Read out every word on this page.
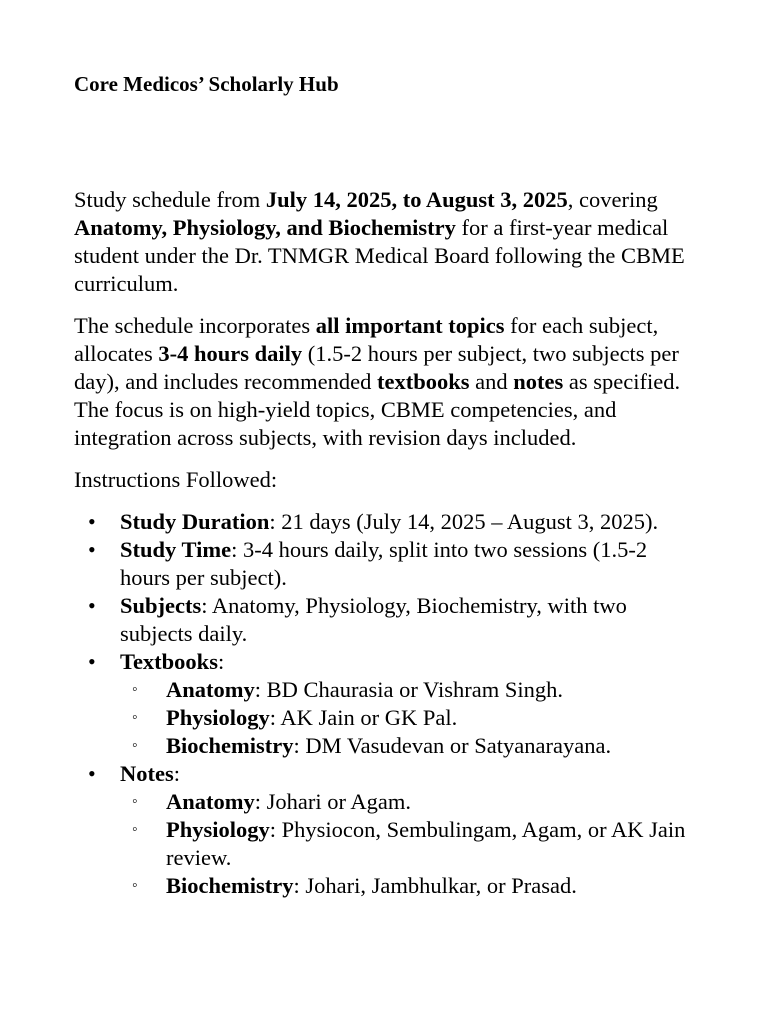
Core Medicos’ Scholarly Hub

Study schedule from July 14, 2025, to August 3, 2025, covering Anatomy, Physiology, and Biochemistry for a first-year medical student under the Dr. TNMGR Medical Board following the CBME curriculum.

The schedule incorporates all important topics for each subject, allocates 3-4 hours daily (1.5-2 hours per subject, two subjects per day), and includes recommended textbooks and notes as specified. The focus is on high-yield topics, CBME competencies, and integration across subjects, with revision days included.

Instructions Followed:

• Study Duration: 21 days (July 14, 2025 – August 3, 2025).
• Study Time: 3-4 hours daily, split into two sessions (1.5-2 hours per subject).
• Subjects: Anatomy, Physiology, Biochemistry, with two subjects daily.
• Textbooks:
◦ Anatomy: BD Chaurasia or Vishram Singh.
◦ Physiology: AK Jain or GK Pal.
◦ Biochemistry: DM Vasudevan or Satyanarayana.
• Notes:
◦ Anatomy: Johari or Agam.
◦ Physiology: Physiocon, Sembulingam, Agam, or AK Jain review.
◦ Biochemistry: Johari, Jambhulkar, or Prasad.
